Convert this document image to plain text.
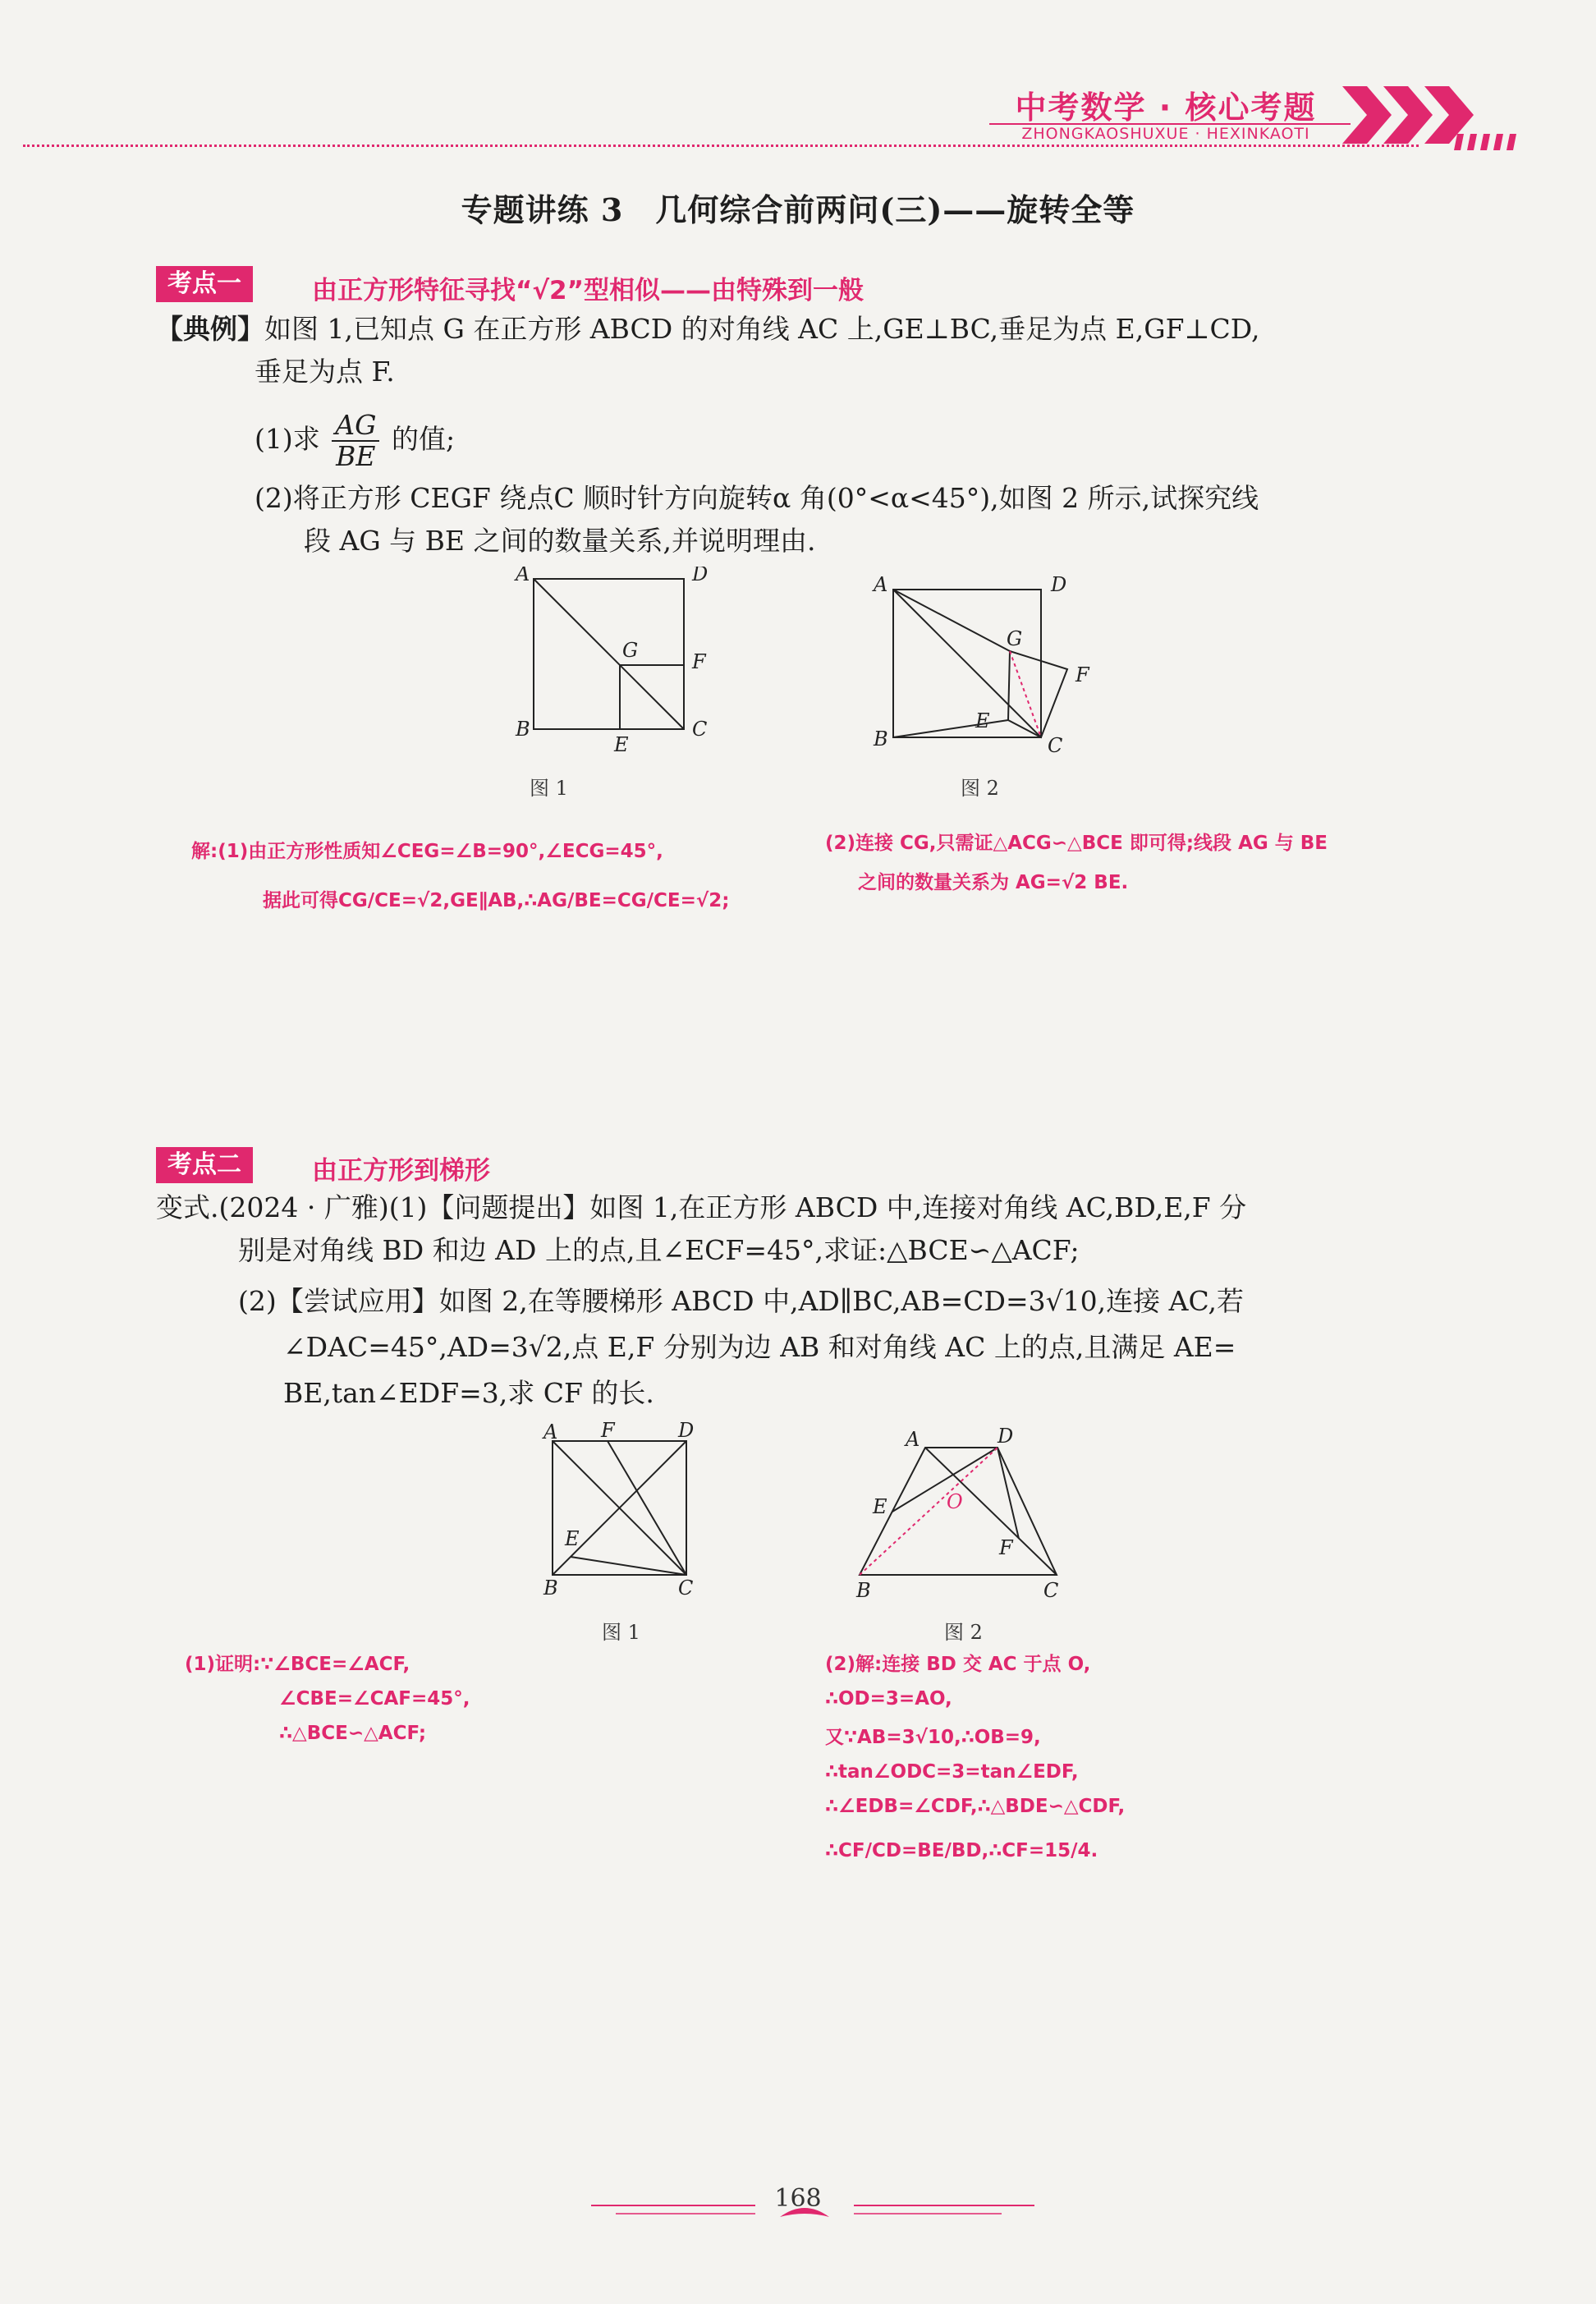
中考数学 · 核心考题
ZHONGKAOSHUXUE · HEXINKAOTI
专题讲练 3　几何综合前两问(三)——旋转全等
考点一	由正方形特征寻找“√2”型相似——由特殊到一般
【典例】如图 1,已知点 G 在正方形 ABCD 的对角线 AC 上,GE⊥BC,垂足为点 E,GF⊥CD,
垂足为点 F.
(1)求 $\frac{AG}{BE}$ 的值;
(2)将正方形 CEGF 绕点C 顺时针方向旋转α 角(0°<α<45°),如图 2 所示,试探究线
段 AG 与 BE 之间的数量关系,并说明理由.
A	D
B	C
G	F
E
图 1
A	D
B	C
G
F
E
图 2
解:(1)由正方形性质知∠CEG=∠B=90°,∠ECG=45°,
据此可得CG/CE=√2,GE∥AB,∴AG/BE=CG/CE=√2;
(2)连接 CG,只需证△ACG∽△BCE 即可得;线段 AG 与 BE
之间的数量关系为 AG=√2 BE.
考点二	由正方形到梯形
变式.(2024 · 广雅)(1)【问题提出】如图 1,在正方形 ABCD 中,连接对角线 AC,BD,E,F 分
别是对角线 BD 和边 AD 上的点,且∠ECF=45°,求证:△BCE∽△ACF;
(2)【尝试应用】如图 2,在等腰梯形 ABCD 中,AD∥BC,AB=CD=3√10,连接 AC,若
∠DAC=45°,AD=3√2,点 E,F 分别为边 AB 和对角线 AC 上的点,且满足 AE=
BE,tan∠EDF=3,求 CF 的长.
A F	D
B	C
E
图 1
A	D
B	C
E
F
O
图 2
(1)证明:∵∠BCE=∠ACF,
∠CBE=∠CAF=45°,
∴△BCE∽△ACF;
(2)解:连接 BD 交 AC 于点 O,
∴OD=3=AO,
又∵AB=3√10,∴OB=9,
∴tan∠ODC=3=tan∠EDF,
∴∠EDB=∠CDF,∴△BDE∽△CDF,
∴CF/CD=BE/BD,∴CF=15/4.
168
